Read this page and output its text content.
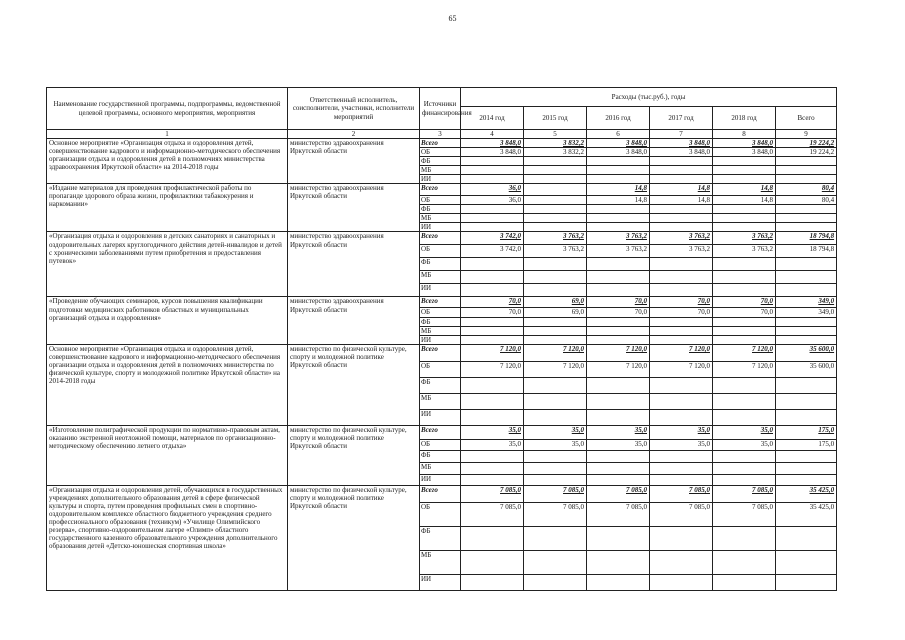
65
Наименование государственной программы, подпрограммы, ведомственной целевой программы, основного мероприятия, мероприятия	Ответственный исполнитель, соисполнители, участники, исполнители мероприятий	Источники финансирования	Расходы (тыс.руб.), годы					
			2014 год	2015 год	2016 год	2017 год	2018 год	Всего
1	2	3	4	5	6	7	8	9
Основное мероприятие «Организация отдыха и оздоровления детей, совершенствование кадрового и информационно-методического обеспечения организации отдыха и оздоровления детей в полномочиях министерства здравоохранения Иркутской области» на 2014-2018 годы	министерство здравоохранения Иркутской области	Всего	3 848,0	3 832,2	3 848,0	3 848,0	3 848,0	19 224,2
		ОБ	3 848,0	3 832,2	3 848,0	3 848,0	3 848,0	19 224,2
		ФБ						
		МБ						
		ИИ						
«Издание материалов для проведения профилактической работы по пропаганде здорового образа жизни, профилактики табакокурения и наркомании»	министерство здравоохранения Иркутской области	Всего	36,0		14,8	14,8	14,8	80,4
		ОБ	36,0		14,8	14,8	14,8	80,4
		ФБ						
		МБ						
		ИИ						
«Организация отдыха и оздоровления в детских санаториях и санаторных и оздоровительных лагерях круглогодичного действия детей-инвалидов и детей с хроническими заболеваниями путем приобретения и предоставления путевок»	министерство здравоохранения Иркутской области	Всего	3 742,0	3 763,2	3 763,2	3 763,2	3 763,2	18 794,8
		ОБ	3 742,0	3 763,2	3 763,2	3 763,2	3 763,2	18 794,8
		ФБ						
		МБ						
		ИИ						
«Проведение обучающих семинаров, курсов повышения квалификации подготовки медицинских работников областных и муниципальных организаций отдыха и оздоровления»	министерство здравоохранения Иркутской области	Всего	70,0	69,0	70,0	70,0	70,0	349,0
		ОБ	70,0	69,0	70,0	70,0	70,0	349,0
		ФБ						
		МБ						
		ИИ						
Основное мероприятие «Организация отдыха и оздоровления детей, совершенствование кадрового и информационно-методического обеспечения организации отдыха и оздоровления детей в полномочиях министерства по физической культуре, спорту и молодежной политике Иркутской области» на 2014-2018 годы	министерство по физической культуре, спорту и молодежной политике Иркутской области	Всего	7 120,0	7 120,0	7 120,0	7 120,0	7 120,0	35 600,0
		ОБ	7 120,0	7 120,0	7 120,0	7 120,0	7 120,0	35 600,0
		ФБ						
		МБ						
		ИИ						
«Изготовление полиграфической продукции по нормативно-правовым актам, оказанию экстренной неотложной помощи, материалов по организационно-методическому обеспечению летнего отдыха»	министерство по физической культуре, спорту и молодежной политике Иркутской области	Всего	35,0	35,0	35,0	35,0	35,0	175,0
		ОБ	35,0	35,0	35,0	35,0	35,0	175,0
		ФБ						
		МБ						
		ИИ						
«Организация отдыха и оздоровления детей, обучающихся в государственных учреждениях дополнительного образования детей в сфере физической культуры и спорта, путем проведения профильных смен в спортивно-оздоровительном комплексе областного бюджетного учреждения среднего профессионального образования (техникум) «Училище Олимпийского резерва», спортивно-оздоровительном лагере «Олимп» областного государственного казенного образовательного учреждения дополнительного образования детей «Детско-юношеская спортивная школа»	министерство по физической культуре, спорту и молодежной политике Иркутской области	Всего	7 085,0	7 085,0	7 085,0	7 085,0	7 085,0	35 425,0
		ОБ	7 085,0	7 085,0	7 085,0	7 085,0	7 085,0	35 425,0
		ФБ						
		МБ						
		ИИ						
